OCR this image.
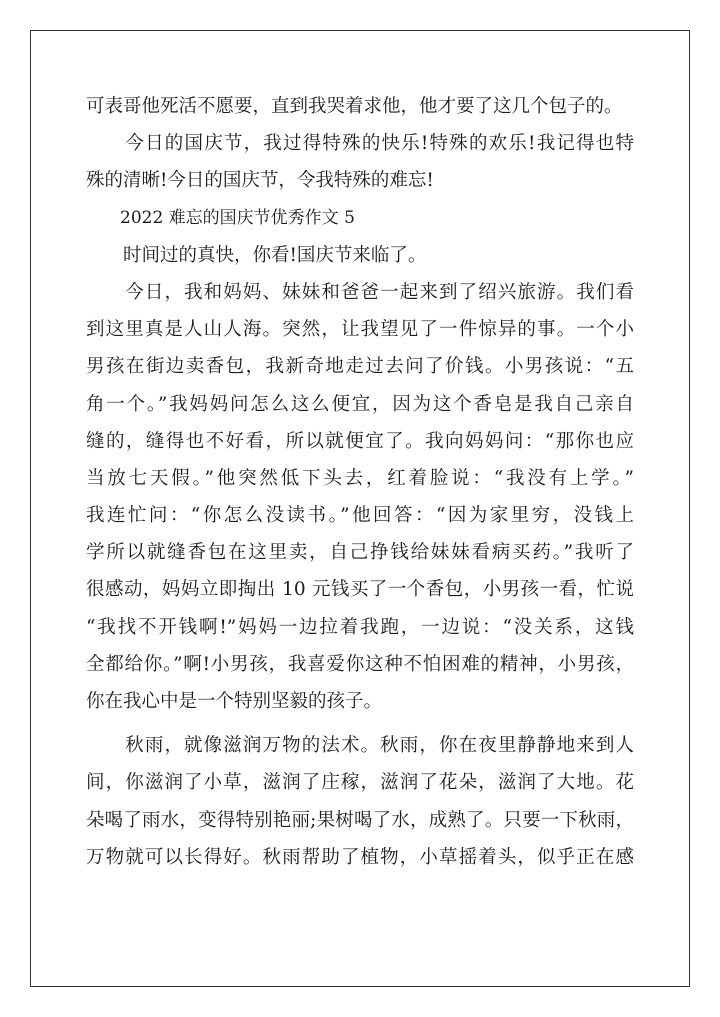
可表哥他死活不愿要，直到我哭着求他，他才要了这几个包子的。
　　今日的国庆节，我过得特殊的快乐!特殊的欢乐!我记得也特
殊的清晰!今日的国庆节，令我特殊的难忘!
　　2022 难忘的国庆节优秀作文 5
　　时间过的真快，你看!国庆节来临了。
　　今日，我和妈妈、妹妹和爸爸一起来到了绍兴旅游。我们看
到这里真是人山人海。突然，让我望见了一件惊异的事。一个小
男孩在街边卖香包，我新奇地走过去问了价钱。小男孩说：“五
角一个。”我妈妈问怎么这么便宜，因为这个香皂是我自己亲自
缝的，缝得也不好看，所以就便宜了。我向妈妈问：“那你也应
当放七天假。”他突然低下头去，红着脸说：“我没有上学。”
我连忙问：“你怎么没读书。”他回答：“因为家里穷，没钱上
学所以就缝香包在这里卖，自己挣钱给妹妹看病买药。”我听了
很感动，妈妈立即掏出 10 元钱买了一个香包，小男孩一看，忙说
“我找不开钱啊!”妈妈一边拉着我跑，一边说：“没关系，这钱
全都给你。”啊!小男孩，我喜爱你这种不怕困难的精神，小男孩，
你在我心中是一个特别坚毅的孩子。
　　秋雨，就像滋润万物的法术。秋雨，你在夜里静静地来到人
间，你滋润了小草，滋润了庄稼，滋润了花朵，滋润了大地。花
朵喝了雨水，变得特别艳丽;果树喝了水，成熟了。只要一下秋雨，
万物就可以长得好。秋雨帮助了植物，小草摇着头，似乎正在感
